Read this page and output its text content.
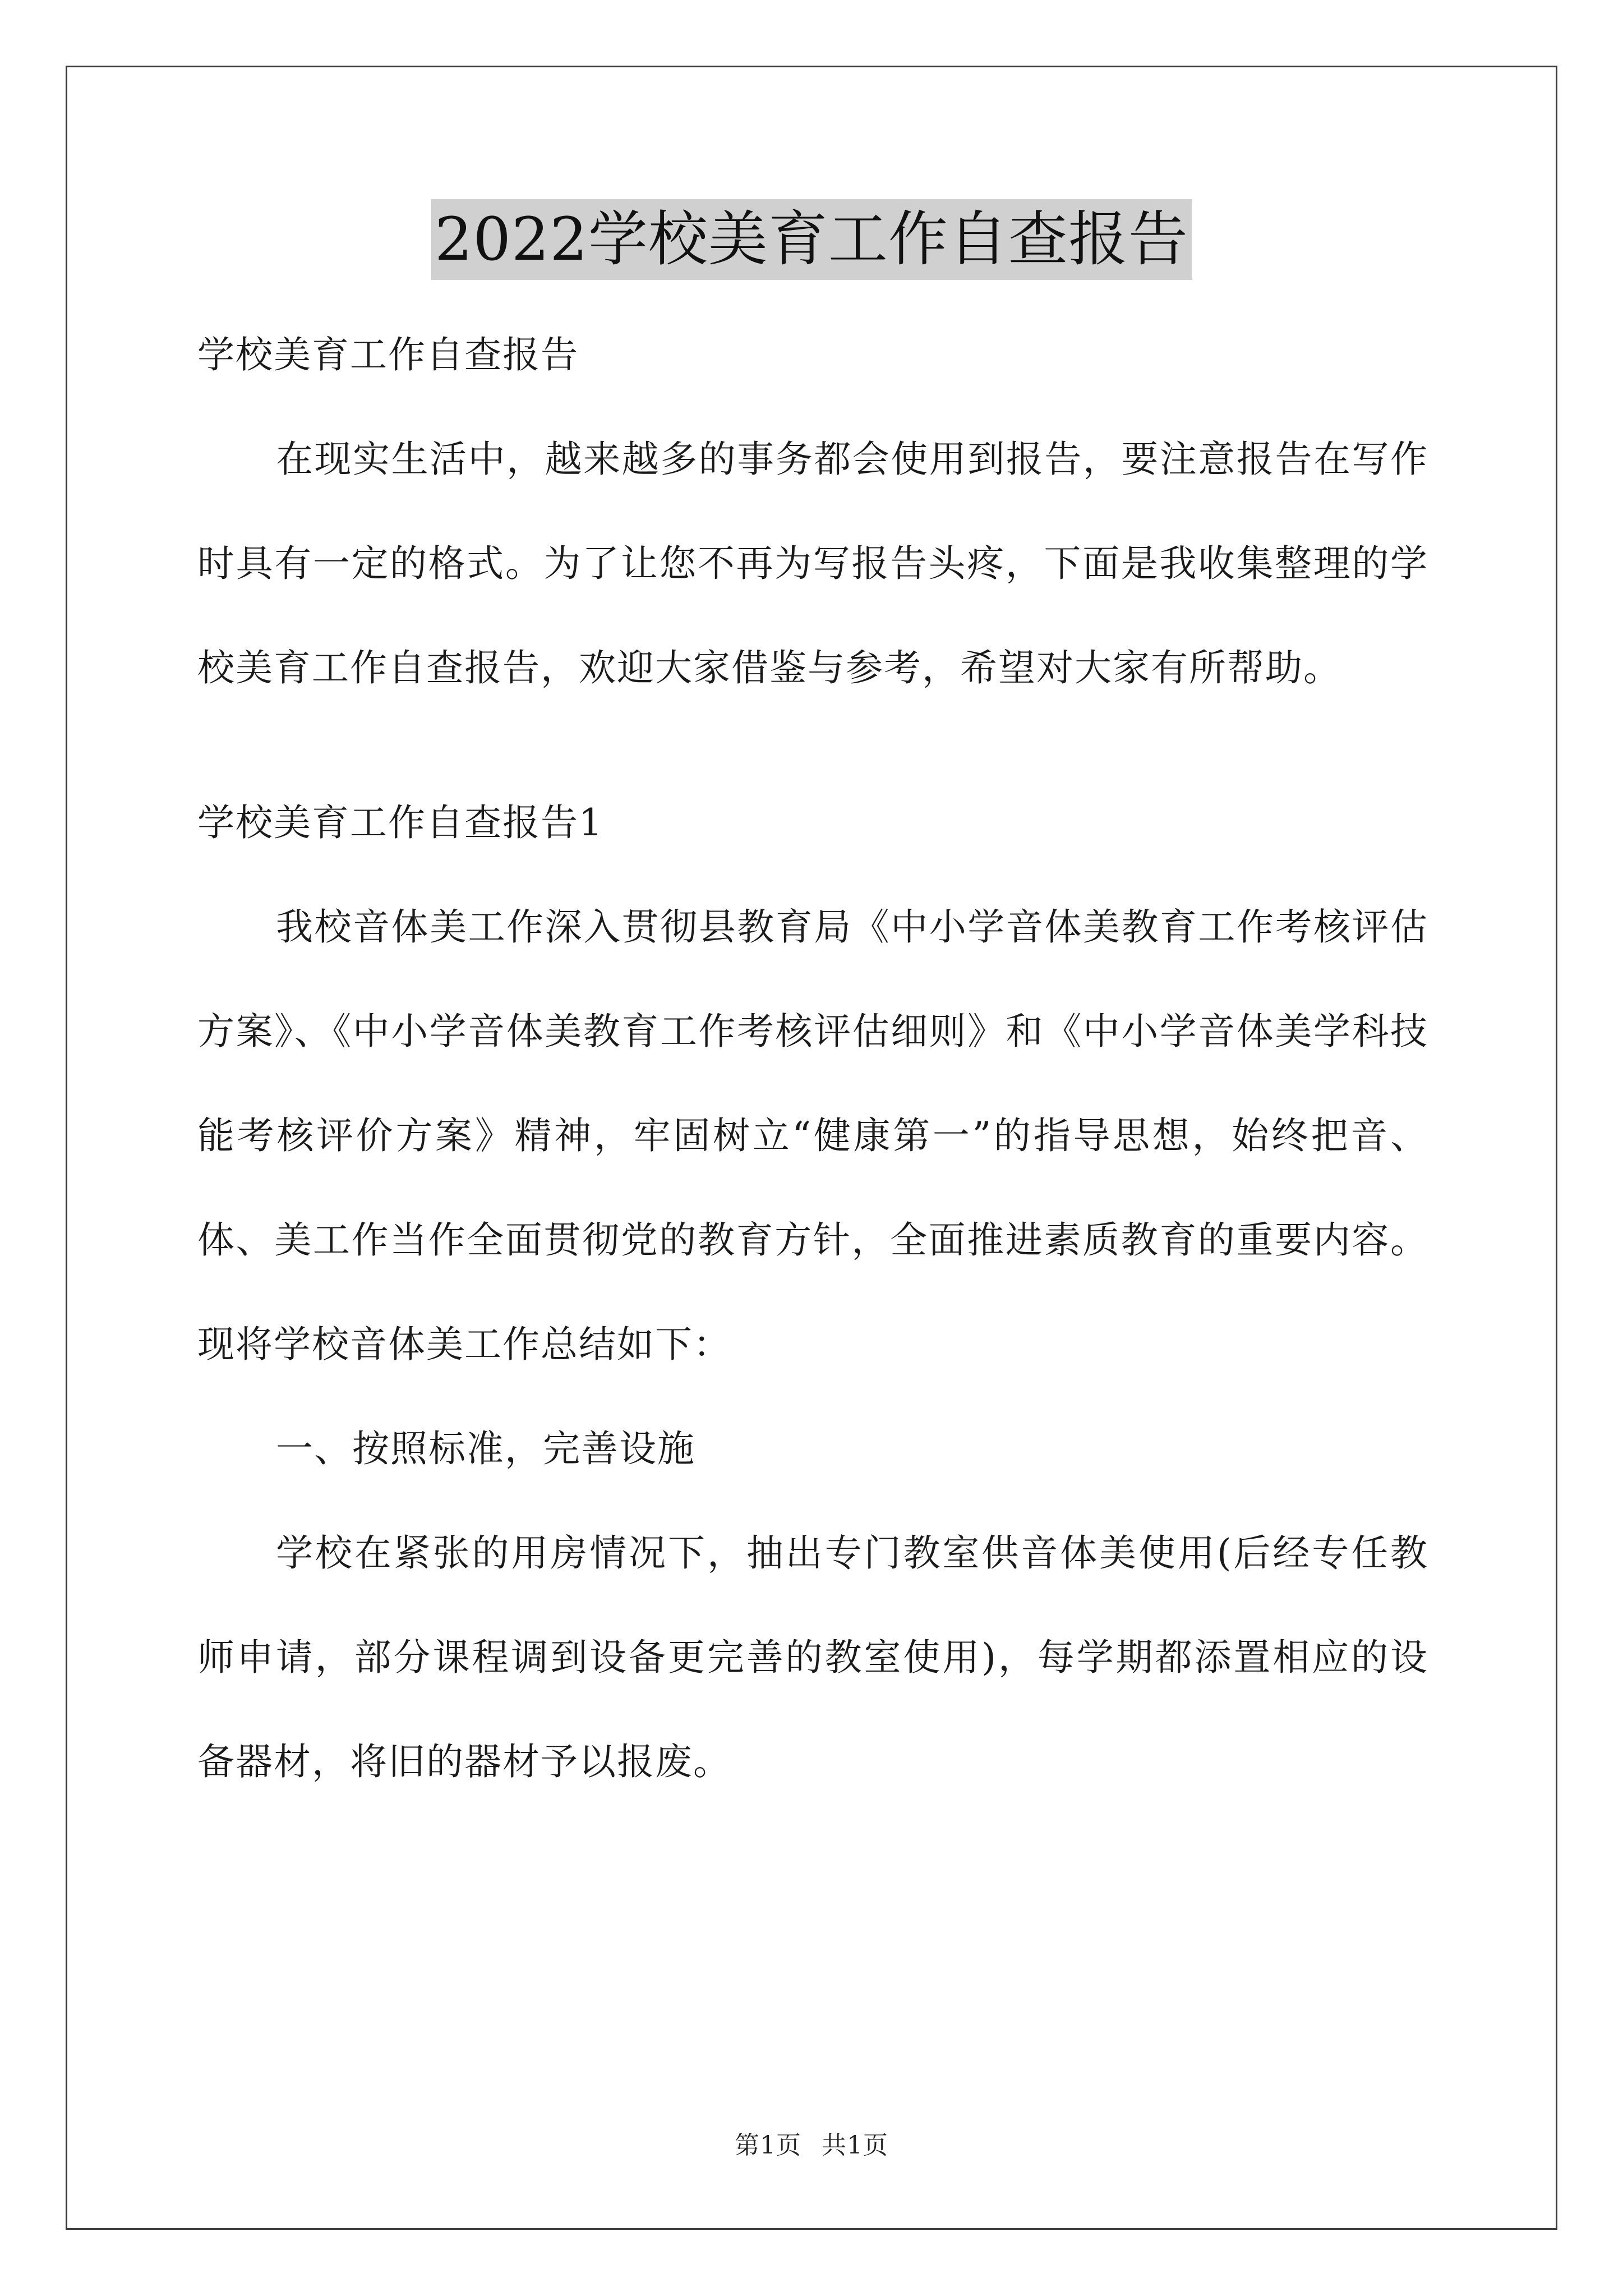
2022学校美育工作自查报告

学校美育工作自查报告

在现实生活中，越来越多的事务都会使用到报告，要注意报告在写作时具有一定的格式。为了让您不再为写报告头疼，下面是我收集整理的学校美育工作自查报告，欢迎大家借鉴与参考，希望对大家有所帮助。

学校美育工作自查报告1

我校音体美工作深入贯彻县教育局《中小学音体美教育工作考核评估方案》、《中小学音体美教育工作考核评估细则》和《中小学音体美学科技能考核评价方案》精神，牢固树立“健康第一”的指导思想，始终把音、体、美工作当作全面贯彻党的教育方针，全面推进素质教育的重要内容。现将学校音体美工作总结如下：

一、按照标准，完善设施

学校在紧张的用房情况下，抽出专门教室供音体美使用(后经专任教师申请，部分课程调到设备更完善的教室使用)，每学期都添置相应的设备器材，将旧的器材予以报废。

第1页 共1页
